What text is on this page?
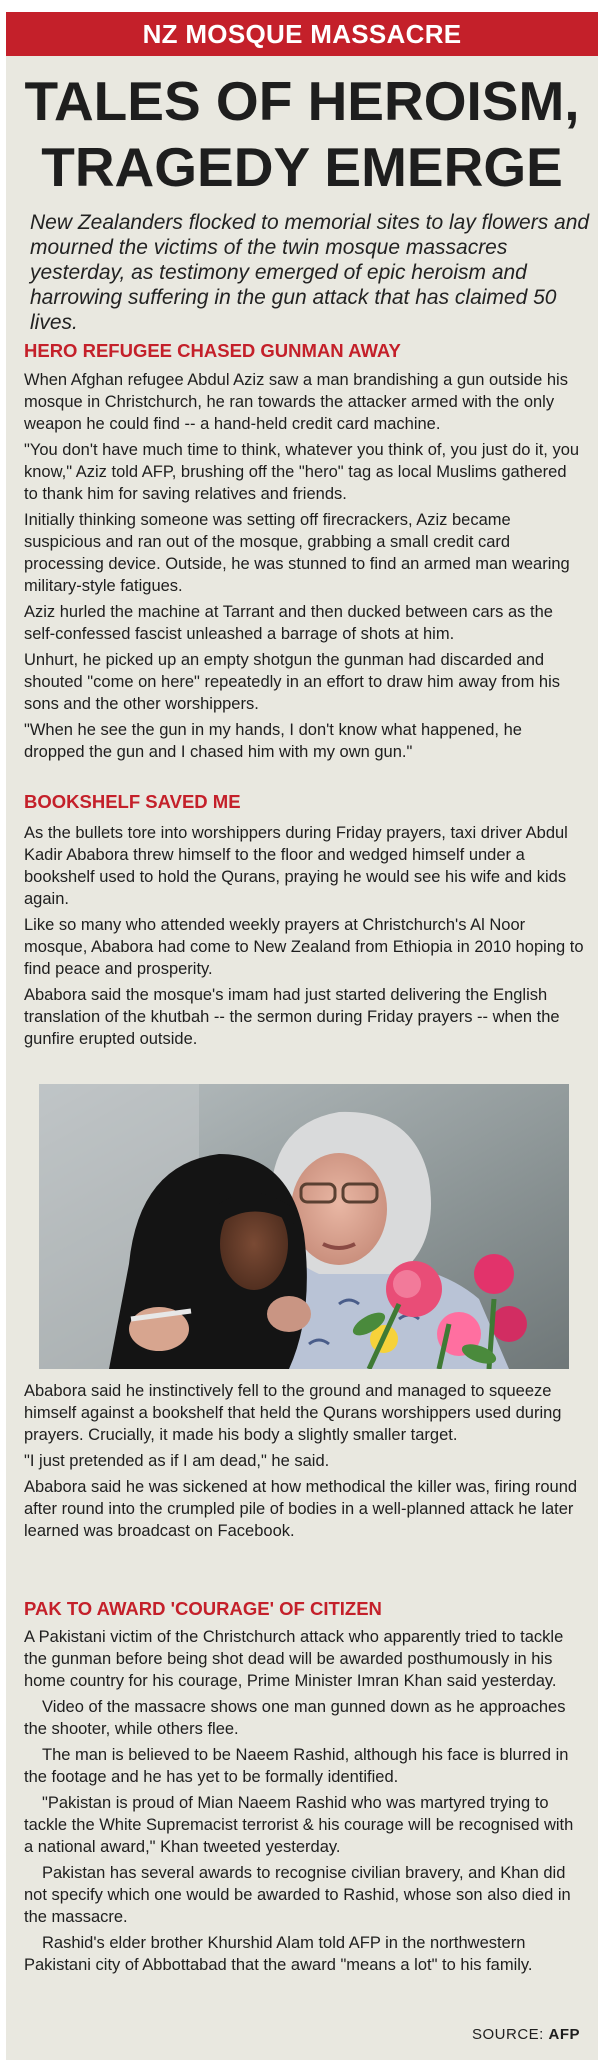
NZ MOSQUE MASSACRE
TALES OF HEROISM,
TRAGEDY EMERGE

New Zealanders flocked to memorial sites to lay flowers and mourned the victims of the twin mosque massacres yesterday, as testimony emerged of epic heroism and harrowing suffering in the gun attack that has claimed 50 lives.

HERO REFUGEE CHASED GUNMAN AWAY

When Afghan refugee Abdul Aziz saw a man brandishing a gun outside his mosque in Christchurch, he ran towards the attacker armed with the only weapon he could find -- a hand-held credit card machine.

"You don't have much time to think, whatever you think of, you just do it, you know," Aziz told AFP, brushing off the "hero" tag as local Muslims gathered to thank him for saving relatives and friends.

Initially thinking someone was setting off firecrackers, Aziz became suspicious and ran out of the mosque, grabbing a small credit card processing device. Outside, he was stunned to find an armed man wearing military-style fatigues.

Aziz hurled the machine at Tarrant and then ducked between cars as the self-confessed fascist unleashed a barrage of shots at him.

Unhurt, he picked up an empty shotgun the gunman had discarded and shouted "come on here" repeatedly in an effort to draw him away from his sons and the other worshippers.

"When he see the gun in my hands, I don't know what happened, he dropped the gun and I chased him with my own gun."

BOOKSHELF SAVED ME

As the bullets tore into worshippers during Friday prayers, taxi driver Abdul Kadir Ababora threw himself to the floor and wedged himself under a bookshelf used to hold the Qurans, praying he would see his wife and kids again.

Like so many who attended weekly prayers at Christchurch's Al Noor mosque, Ababora had come to New Zealand from Ethiopia in 2010 hoping to find peace and prosperity.

Ababora said the mosque's imam had just started delivering the English translation of the khutbah -- the sermon during Friday prayers -- when the gunfire erupted outside.

Ababora said he instinctively fell to the ground and managed to squeeze himself against a bookshelf that held the Qurans worshippers used during prayers. Crucially, it made his body a slightly smaller target.

"I just pretended as if I am dead," he said.

Ababora said he was sickened at how methodical the killer was, firing round after round into the crumpled pile of bodies in a well-planned attack he later learned was broadcast on Facebook.

PAK TO AWARD 'COURAGE' OF CITIZEN

A Pakistani victim of the Christchurch attack who apparently tried to tackle the gunman before being shot dead will be awarded posthumously in his home country for his courage, Prime Minister Imran Khan said yesterday.

Video of the massacre shows one man gunned down as he approaches the shooter, while others flee.

The man is believed to be Naeem Rashid, although his face is blurred in the footage and he has yet to be formally identified.

"Pakistan is proud of Mian Naeem Rashid who was martyred trying to tackle the White Supremacist terrorist & his courage will be recognised with a national award," Khan tweeted yesterday.

Pakistan has several awards to recognise civilian bravery, and Khan did not specify which one would be awarded to Rashid, whose son also died in the massacre.

Rashid's elder brother Khurshid Alam told AFP in the northwestern Pakistani city of Abbottabad that the award "means a lot" to his family.

SOURCE: AFP
